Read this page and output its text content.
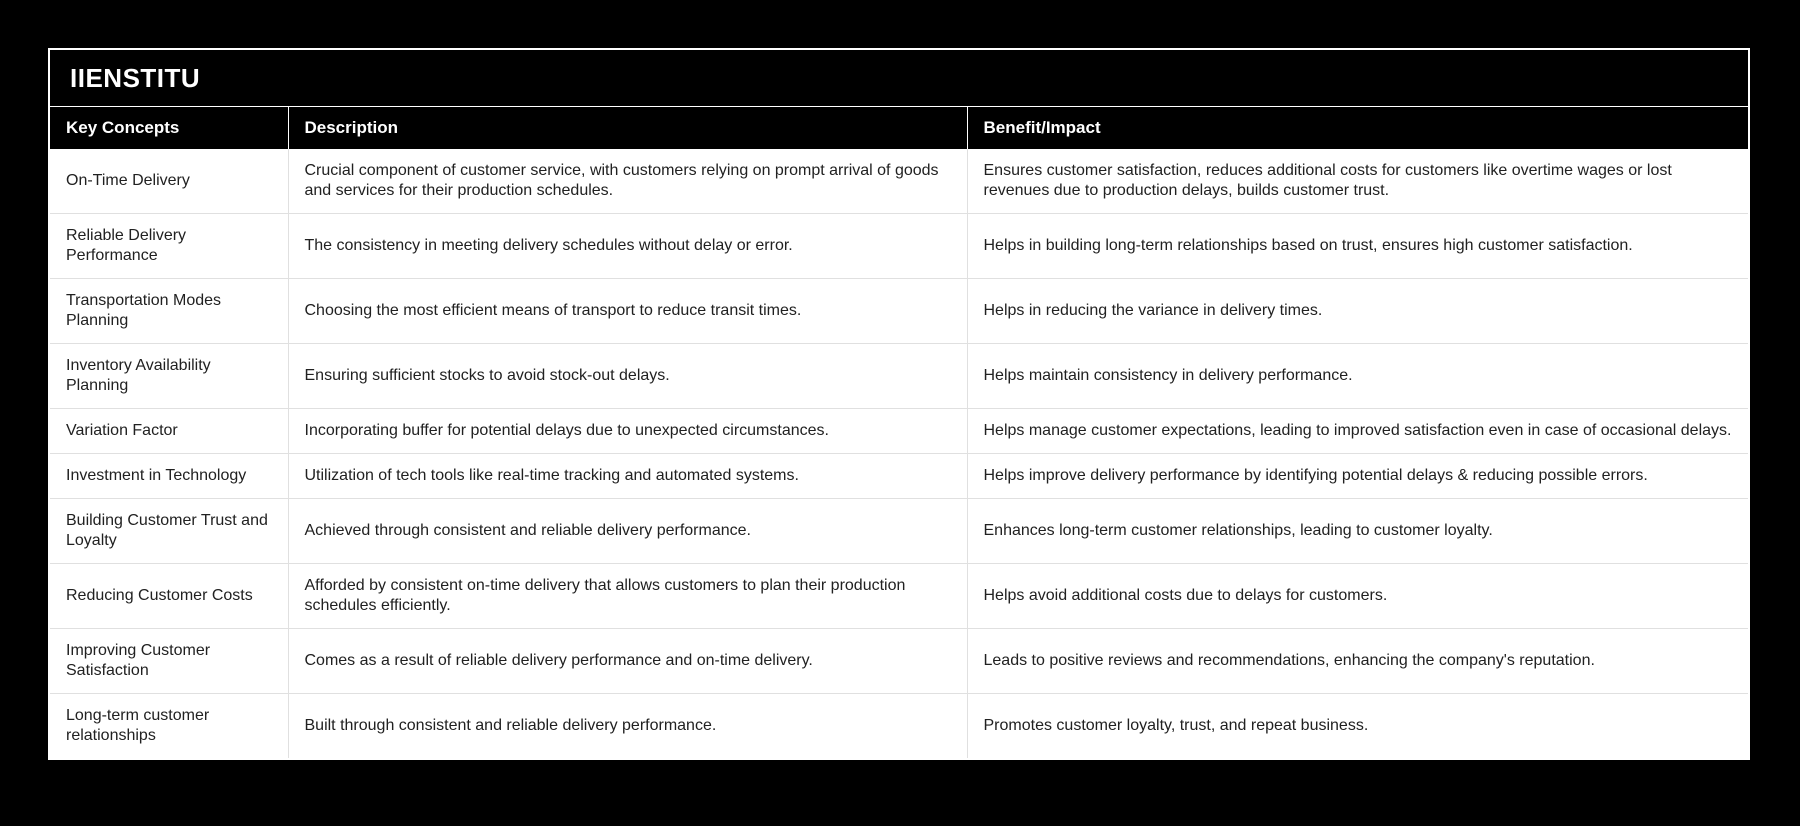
IIENSTITU
Key Concepts	Description	Benefit/Impact
On-Time Delivery	Crucial component of customer service, with customers relying on prompt arrival of goods and services for their production schedules.	Ensures customer satisfaction, reduces additional costs for customers like overtime wages or lost revenues due to production delays, builds customer trust.
Reliable Delivery Performance	The consistency in meeting delivery schedules without delay or error.	Helps in building long-term relationships based on trust, ensures high customer satisfaction.
Transportation Modes Planning	Choosing the most efficient means of transport to reduce transit times.	Helps in reducing the variance in delivery times.
Inventory Availability Planning	Ensuring sufficient stocks to avoid stock-out delays.	Helps maintain consistency in delivery performance.
Variation Factor	Incorporating buffer for potential delays due to unexpected circumstances.	Helps manage customer expectations, leading to improved satisfaction even in case of occasional delays.
Investment in Technology	Utilization of tech tools like real-time tracking and automated systems.	Helps improve delivery performance by identifying potential delays & reducing possible errors.
Building Customer Trust and Loyalty	Achieved through consistent and reliable delivery performance.	Enhances long-term customer relationships, leading to customer loyalty.
Reducing Customer Costs	Afforded by consistent on-time delivery that allows customers to plan their production schedules efficiently.	Helps avoid additional costs due to delays for customers.
Improving Customer Satisfaction	Comes as a result of reliable delivery performance and on-time delivery.	Leads to positive reviews and recommendations, enhancing the company's reputation.
Long-term customer relationships	Built through consistent and reliable delivery performance.	Promotes customer loyalty, trust, and repeat business.
